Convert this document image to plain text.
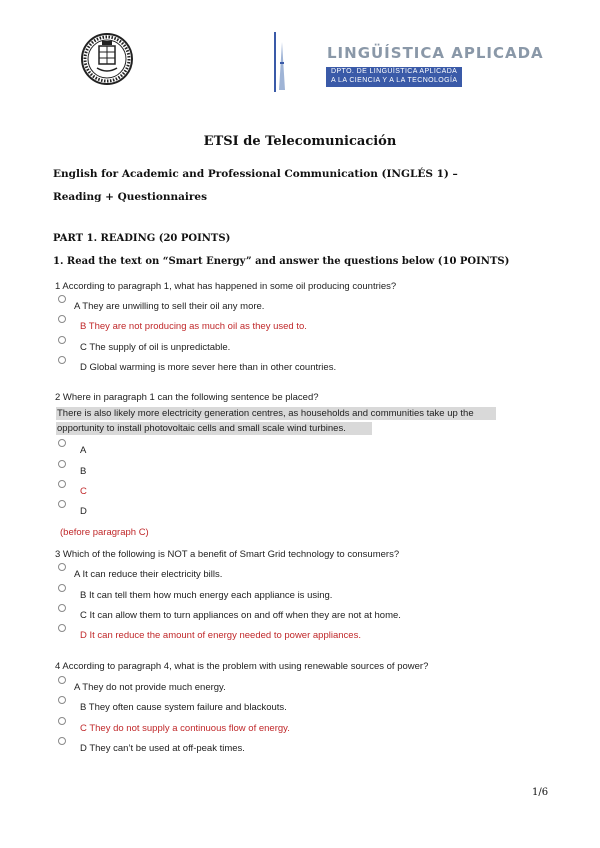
LINGÜÍSTICA APLICADA
DPTO. DE LINGÜÍSTICA APLICADA
A LA CIENCIA Y A LA TECNOLOGÍA
ETSI de Telecomunicación
English for Academic and Professional Communication (INGLÉS 1) –
Reading + Questionnaires
PART 1. READING (20 POINTS)
1. Read the text on “Smart Energy” and answer the questions below (10 POINTS)
1 According to paragraph 1, what has happened in some oil producing countries?
A They are unwilling to sell their oil any more.
B They are not producing as much oil as they used to.
C The supply of oil is unpredictable.
D Global warming is more sever here than in other countries.
2 Where in paragraph 1 can the following sentence be placed?
There is also likely more electricity generation centres, as households and communities take up the
opportunity to install photovoltaic cells and small scale wind turbines.
A
B
C
D
(before paragraph C)
3 Which of the following is NOT a benefit of Smart Grid technology to consumers?
A It can reduce their electricity bills.
B It can tell them how much energy each appliance is using.
C It can allow them to turn appliances on and off when they are not at home.
D It can reduce the amount of energy needed to power appliances.
4 According to paragraph 4, what is the problem with using renewable sources of power?
A They do not provide much energy.
B They often cause system failure and blackouts.
C They do not supply a continuous flow of energy.
D They can’t be used at off-peak times.
1/6
